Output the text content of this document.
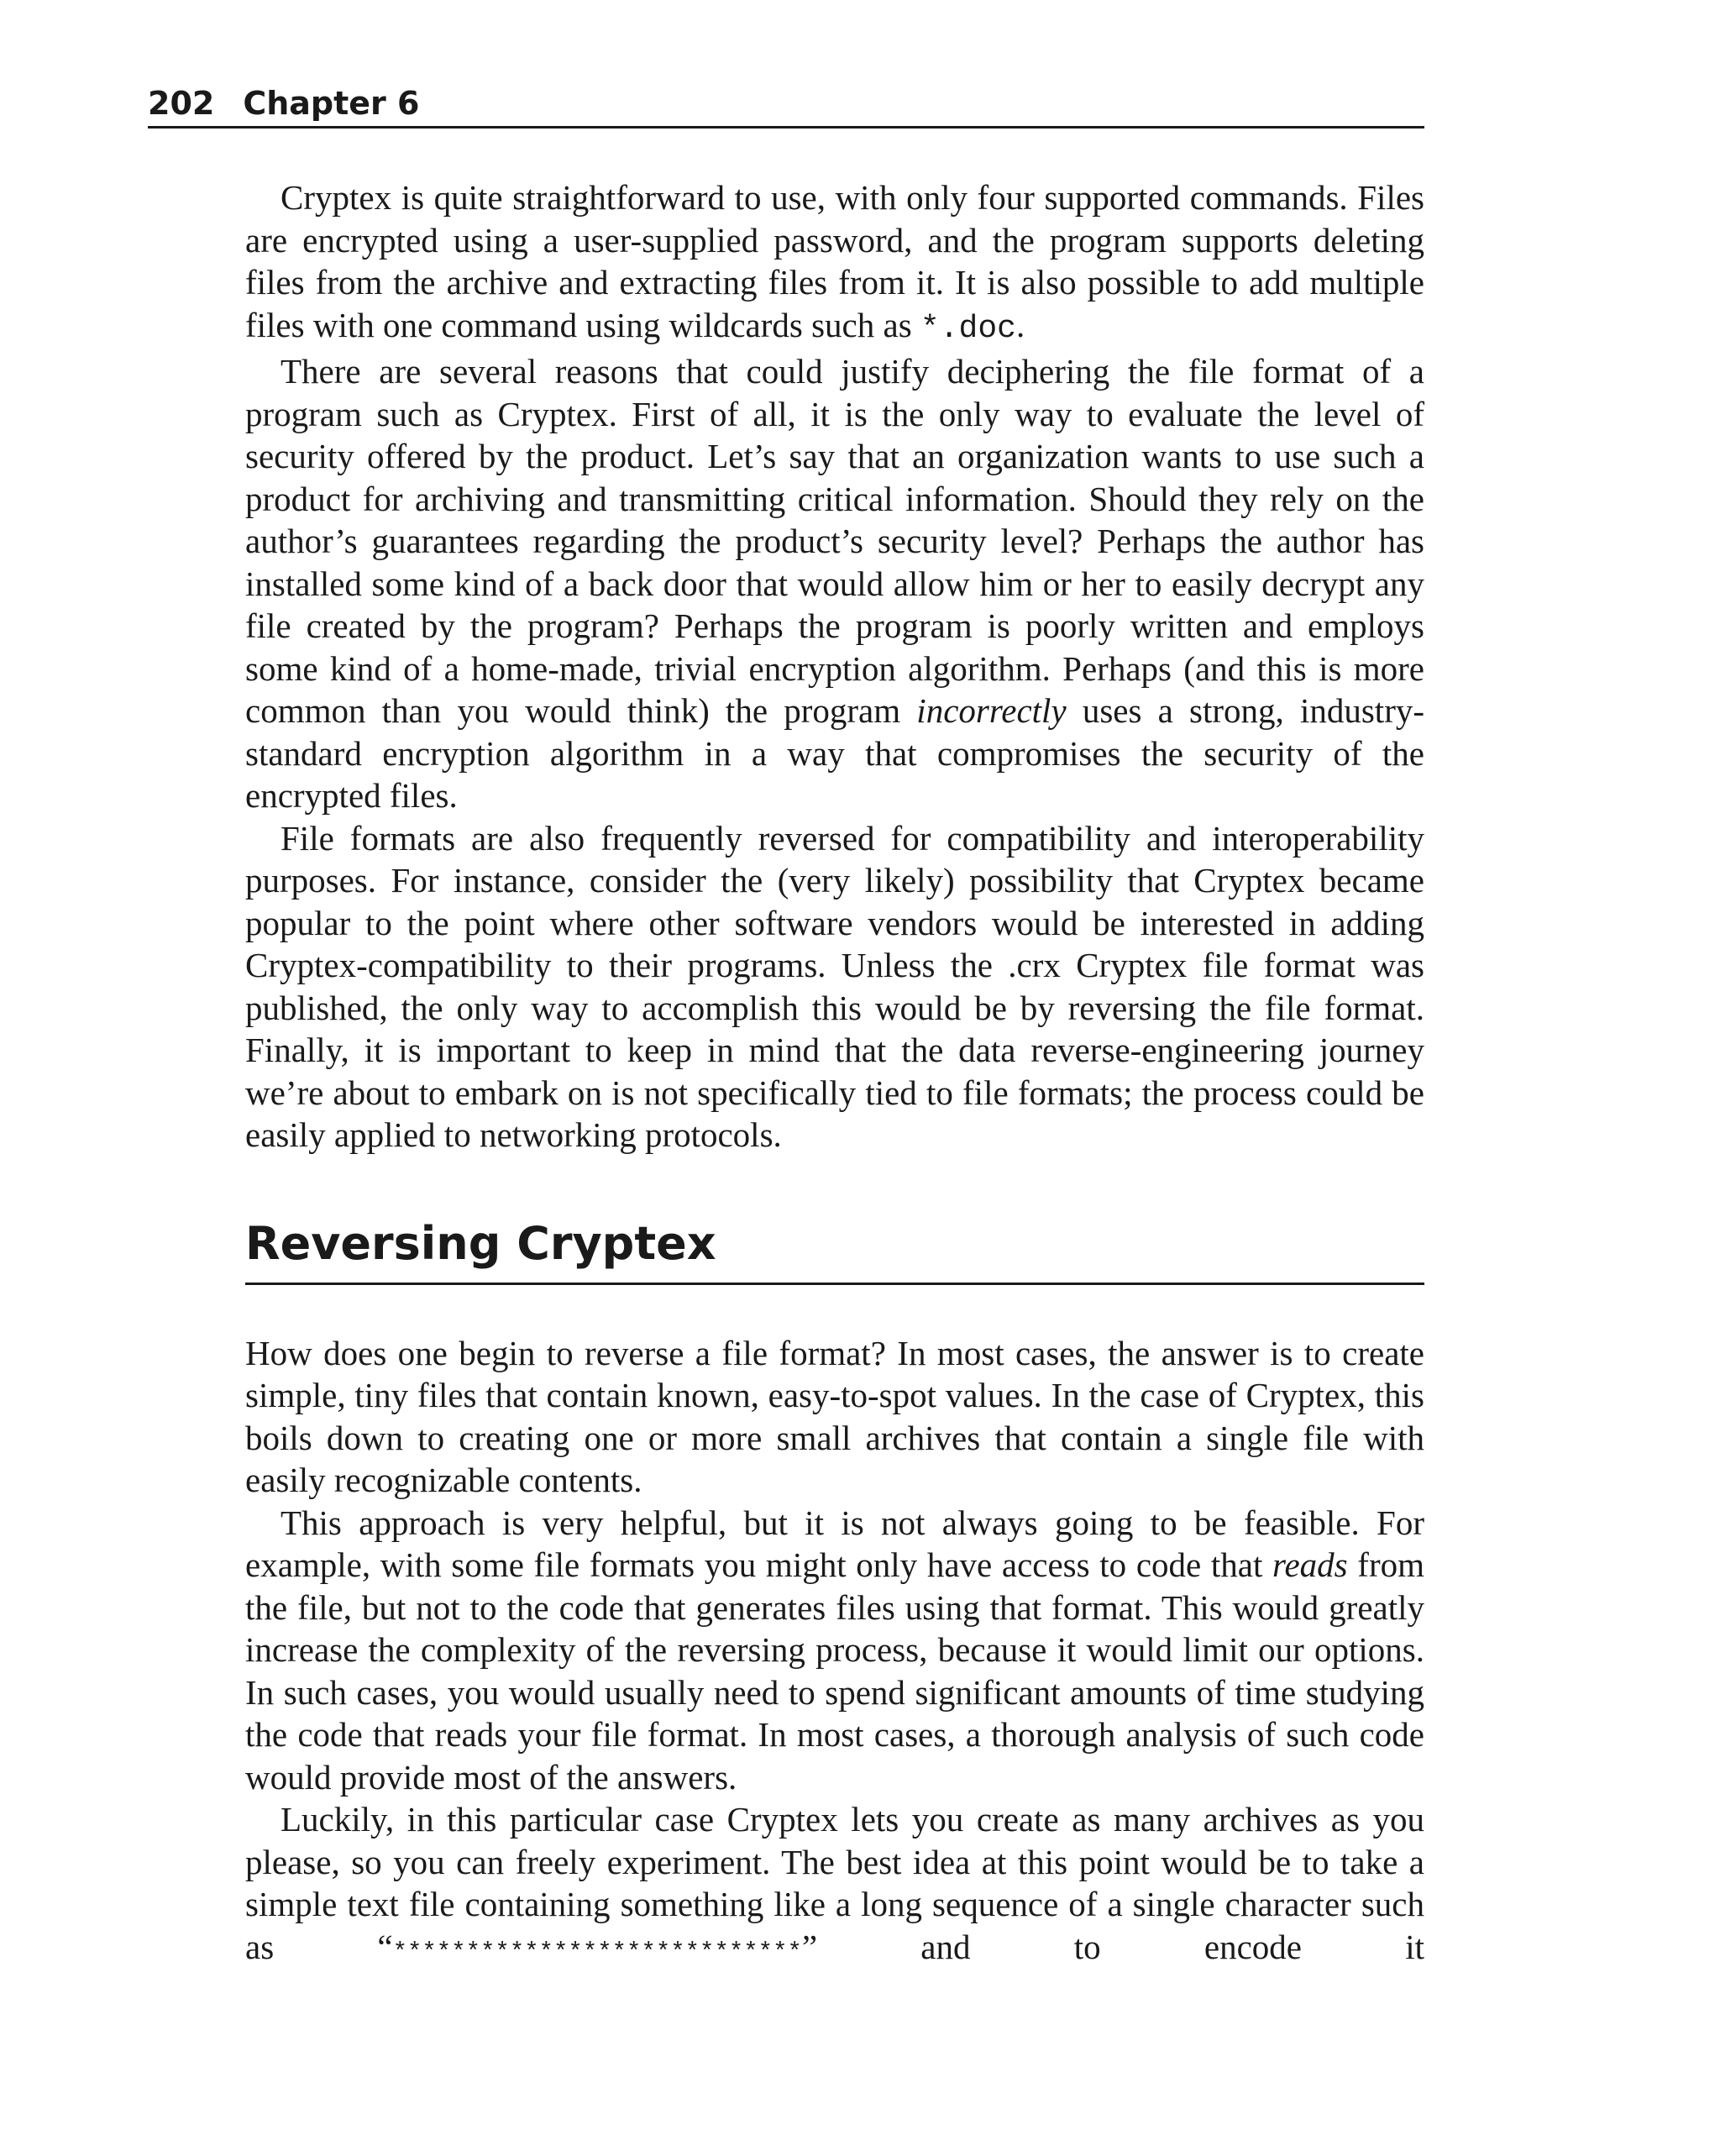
202 Chapter 6

Cryptex is quite straightforward to use, with only four supported commands. Files are encrypted using a user-supplied password, and the program supports deleting files from the archive and extracting files from it. It is also possible to add multiple files with one command using wildcards such as *.doc.

There are several reasons that could justify deciphering the file format of a program such as Cryptex. First of all, it is the only way to evaluate the level of security offered by the product. Let’s say that an organization wants to use such a product for archiving and transmitting critical information. Should they rely on the author’s guarantees regarding the product’s security level? Perhaps the author has installed some kind of a back door that would allow him or her to easily decrypt any file created by the program? Perhaps the program is poorly written and employs some kind of a home-made, trivial encryption algorithm. Perhaps (and this is more common than you would think) the program incorrectly uses a strong, industry-standard encryption algorithm in a way that compromises the security of the encrypted files.

File formats are also frequently reversed for compatibility and interoperability purposes. For instance, consider the (very likely) possibility that Cryptex became popular to the point where other software vendors would be interested in adding Cryptex-compatibility to their programs. Unless the .crx Cryptex file format was published, the only way to accomplish this would be by reversing the file format. Finally, it is important to keep in mind that the data reverse-engineering journey we’re about to embark on is not specifically tied to file formats; the process could be easily applied to networking protocols.

Reversing Cryptex

How does one begin to reverse a file format? In most cases, the answer is to create simple, tiny files that contain known, easy-to-spot values. In the case of Cryptex, this boils down to creating one or more small archives that contain a single file with easily recognizable contents.

This approach is very helpful, but it is not always going to be feasible. For example, with some file formats you might only have access to code that reads from the file, but not to the code that generates files using that format. This would greatly increase the complexity of the reversing process, because it would limit our options. In such cases, you would usually need to spend significant amounts of time studying the code that reads your file format. In most cases, a thorough analysis of such code would provide most of the answers.

Luckily, in this particular case Cryptex lets you create as many archives as you please, so you can freely experiment. The best idea at this point would be to take a simple text file containing something like a long sequence of a single character such as “****************************” and to encode it
